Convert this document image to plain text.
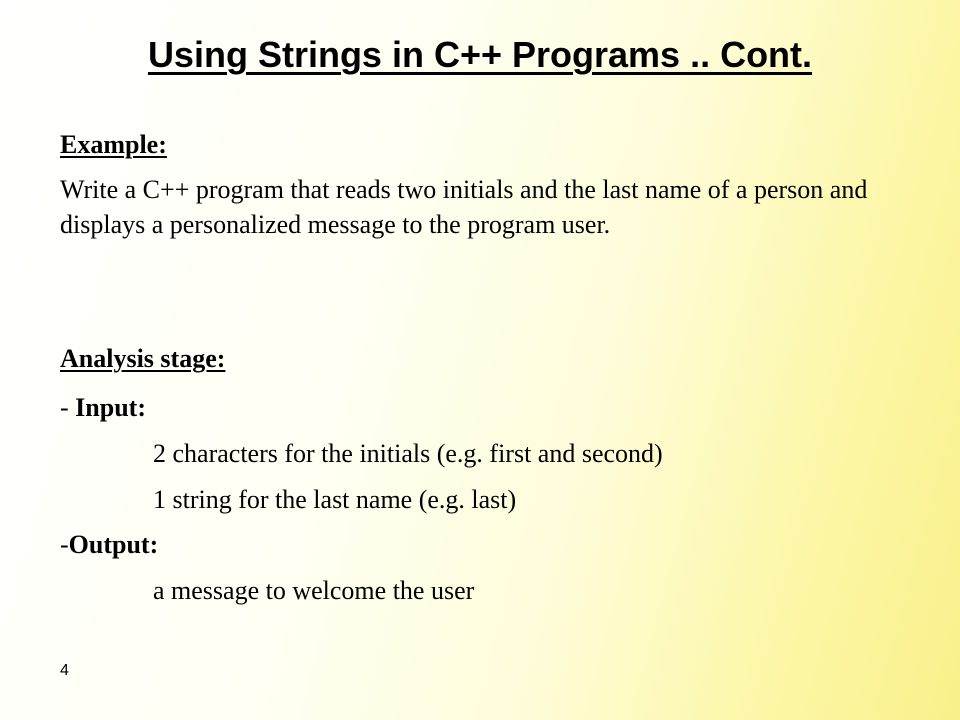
Using Strings in C++ Programs .. Cont.
Example:

Write a C++ program that reads two initials and the last name of a person and displays a personalized message to the program user.

Analysis stage:
- Input:
2 characters for the initials (e.g. first and second)
1 string for the last name (e.g. last)
-Output:
a message to welcome the user
4
